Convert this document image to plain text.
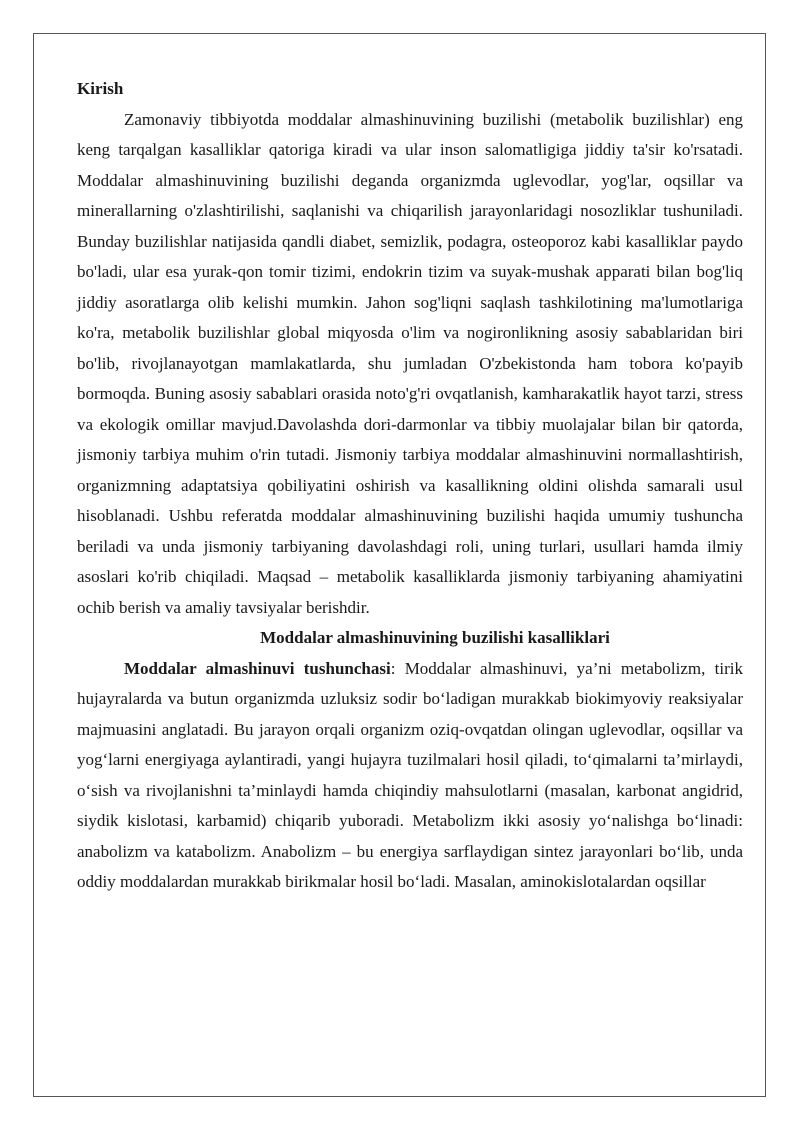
Kirish

Zamonaviy tibbiyotda moddalar almashinuvining buzilishi (metabolik buzilishlar) eng keng tarqalgan kasalliklar qatoriga kiradi va ular inson salomatligiga jiddiy ta'sir ko'rsatadi. Moddalar almashinuvining buzilishi deganda organizmda uglevodlar, yog'lar, oqsillar va minerallarning o'zlashtirilishi, saqlanishi va chiqarilish jarayonlaridagi nosozliklar tushuniladi. Bunday buzilishlar natijasida qandli diabet, semizlik, podagra, osteoporoz kabi kasalliklar paydo bo'ladi, ular esa yurak-qon tomir tizimi, endokrin tizim va suyak-mushak apparati bilan bog'liq jiddiy asoratlarga olib kelishi mumkin. Jahon sog'liqni saqlash tashkilotining ma'lumotlariga ko'ra, metabolik buzilishlar global miqyosda o'lim va nogironlikning asosiy sabablaridan biri bo'lib, rivojlanayotgan mamlakatlarda, shu jumladan O'zbekistonda ham tobora ko'payib bormoqda. Buning asosiy sabablari orasida noto'g'ri ovqatlanish, kamharakatlik hayot tarzi, stress va ekologik omillar mavjud.Davolashda dori-darmonlar va tibbiy muolajalar bilan bir qatorda, jismoniy tarbiya muhim o'rin tutadi. Jismoniy tarbiya moddalar almashinuvini normallashtirish, organizmning adaptatsiya qobiliyatini oshirish va kasallikning oldini olishda samarali usul hisoblanadi. Ushbu referatda moddalar almashinuvining buzilishi haqida umumiy tushuncha beriladi va unda jismoniy tarbiyaning davolashdagi roli, uning turlari, usullari hamda ilmiy asoslari ko'rib chiqiladi. Maqsad – metabolik kasalliklarda jismoniy tarbiyaning ahamiyatini ochib berish va amaliy tavsiyalar berishdir.

Moddalar almashinuvining buzilishi kasalliklari

Moddalar almashinuvi tushunchasi: Moddalar almashinuvi, ya’ni metabolizm, tirik hujayralarda va butun organizmda uzluksiz sodir bo‘ladigan murakkab biokimyoviy reaksiyalar majmuasini anglatadi. Bu jarayon orqali organizm oziq-ovqatdan olingan uglevodlar, oqsillar va yog‘larni energiyaga aylantiradi, yangi hujayra tuzilmalari hosil qiladi, to‘qimalarni ta’mirlaydi, o‘sish va rivojlanishni ta’minlaydi hamda chiqindiy mahsulotlarni (masalan, karbonat angidrid, siydik kislotasi, karbamid) chiqarib yuboradi. Metabolizm ikki asosiy yo‘nalishga bo‘linadi: anabolizm va katabolizm. Anabolizm – bu energiya sarflaydigan sintez jarayonlari bo‘lib, unda oddiy moddalardan murakkab birikmalar hosil bo‘ladi. Masalan, aminokislotalardan oqsillar
